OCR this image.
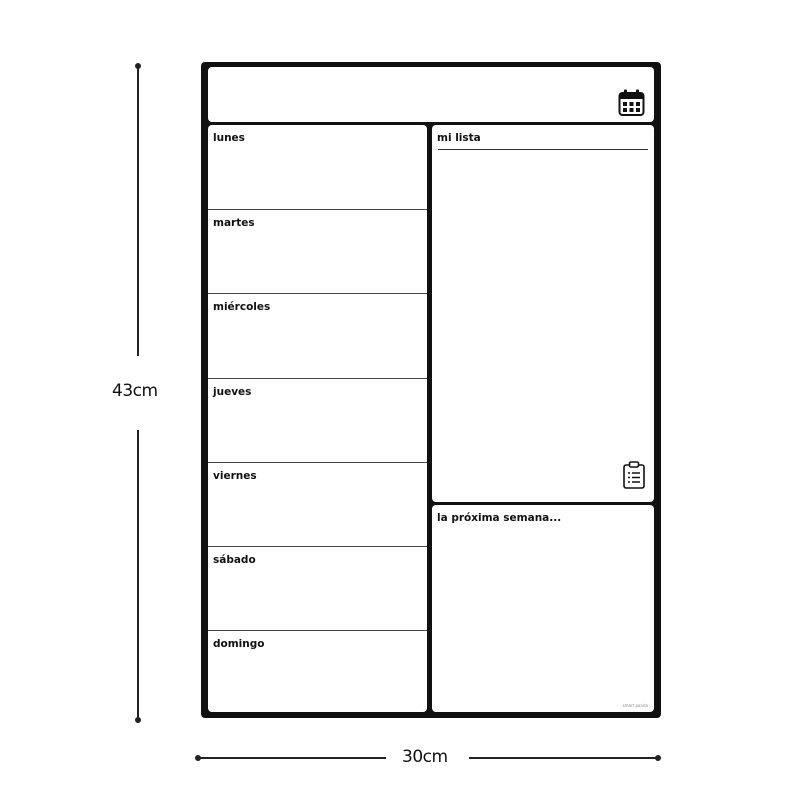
43cm
30cm
lunes
martes
miércoles
jueves
viernes
sábado
domingo
mi lista
la próxima semana...
smart panda
